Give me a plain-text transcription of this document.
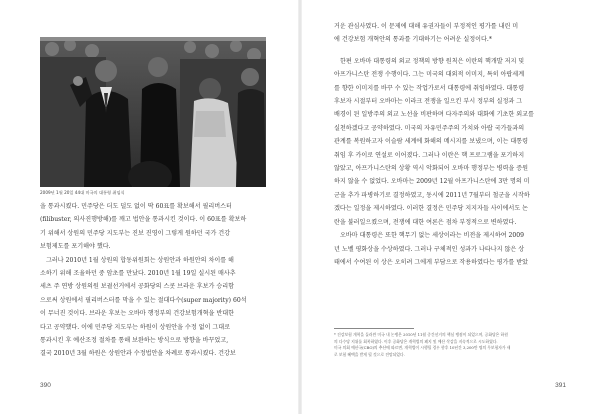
2009년 1월 20일 44대 미국의 대통령 취임식

을 통과시켰다. 민주당은 더도 덜도 없이 딱 60표를 확보해서 필리버스터

(filibuster, 의사진행방해)를 깨고 법안을 통과시킨 것이다. 이 60표를 확보하

기 위해서 상원의 민주당 지도부는 진보 진영이 그렇게 원하던 국가 건강

보험제도를 포기해야 했다.

그러나 2010년 1월 상원의 합동위원회는 상원안과 하원안의 차이를 해

소하기 위해 조율하던 중 암초를 만났다. 2010년 1월 19일 실시된 매사추

세츠 주 연방 상원의원 보궐선거에서 공화당의 스콧 브라운 후보가 승리함

으로써 상원에서 필리버스터를 막을 수 있는 절대다수(super majority) 60석

이 무너진 것이다. 브라운 후보는 오바마 행정부의 건강보험개혁을 반대한

다고 공약했다. 이에 민주당 지도부는 하원이 상원안을 수정 없이 그대로

통과시킨 후 예산조정 절차를 통해 보완하는 방식으로 방향을 바꾸었고,

결국 2010년 3월 하원은 상원안과 수정법안을 차례로 통과시켰다. 건강보

390

거운 관심사였다. 이 문제에 대해 유권자들이 부정적인 평가를 내린 미

에 건강보험 개혁안의 통과를 기대하기는 어려운 실정이다.*

한편 오바마 대통령의 외교 정책의 방향 원칙은 이란의 핵개발 저지 및

아프가니스탄 전쟁 수행이다. 그는 미국의 대외적 이미지, 특히 아랍세계

를 향한 이미지를 바꾸 수 있는 작업가로서 대통령에 취임하였다. 대통령

후보자 시절부터 오바마는 이라크 전쟁을 일으킨 부시 정부의 실정과 그

배경이 된 일방주의 외교 노선을 비판하며 다자주의와 대화에 기초한 외교를

실천하겠다고 공약하였다. 미국의 자유민주주의 가치와 아랍 국가들과의

관계를 복원하고자 이슬람 세계에 화해의 메시지를 보냈으며, 이는 대통령

취임 후 카이로 연설로 이어졌다. 그러나 이란은 핵 프로그램을 포기하지

않았고, 아프가니스탄의 상황 역시 악화되어 오바마 행정부는 병력을 증원

하지 않을 수 없었다. 오바마는 2009년 12월 아프가니스탄에 3만 명의 미

군을 추가 파병하기로 결정하였고, 동시에 2011년 7월부터 철군을 시작하

겠다는 일정을 제시하였다. 이러한 결정은 민주당 지지자들 사이에서도 논

란을 불러일으켰으며, 전쟁에 대한 여론은 점차 부정적으로 변하였다.

오바마 대통령은 또한 핵무기 없는 세상이라는 비전을 제시하여 2009

년 노벨 평화상을 수상하였다. 그러나 구체적인 성과가 나타나지 않은 상

태에서 수여된 이 상은 오히려 그에게 부담으로 작용하였다는 평가를 받았

* 건강보험 개혁을 둘러싼 미국 내 논쟁은 2010년 11월 중간선거의 핵심 쟁점이 되었으며, 공화당은 하원

의 다수당 지위를 회복하였다. 이후 공화당은 개혁법의 폐지 및 예산 삭감을 지속적으로 시도하였다.

미국 의회 예산국(CBO)의 추산에 따르면, 개혁법이 시행될 경우 향후 10년간 3,200만 명의 무보험자가 새

로 보험 혜택을 받게 될 것으로 전망되었다.

391
